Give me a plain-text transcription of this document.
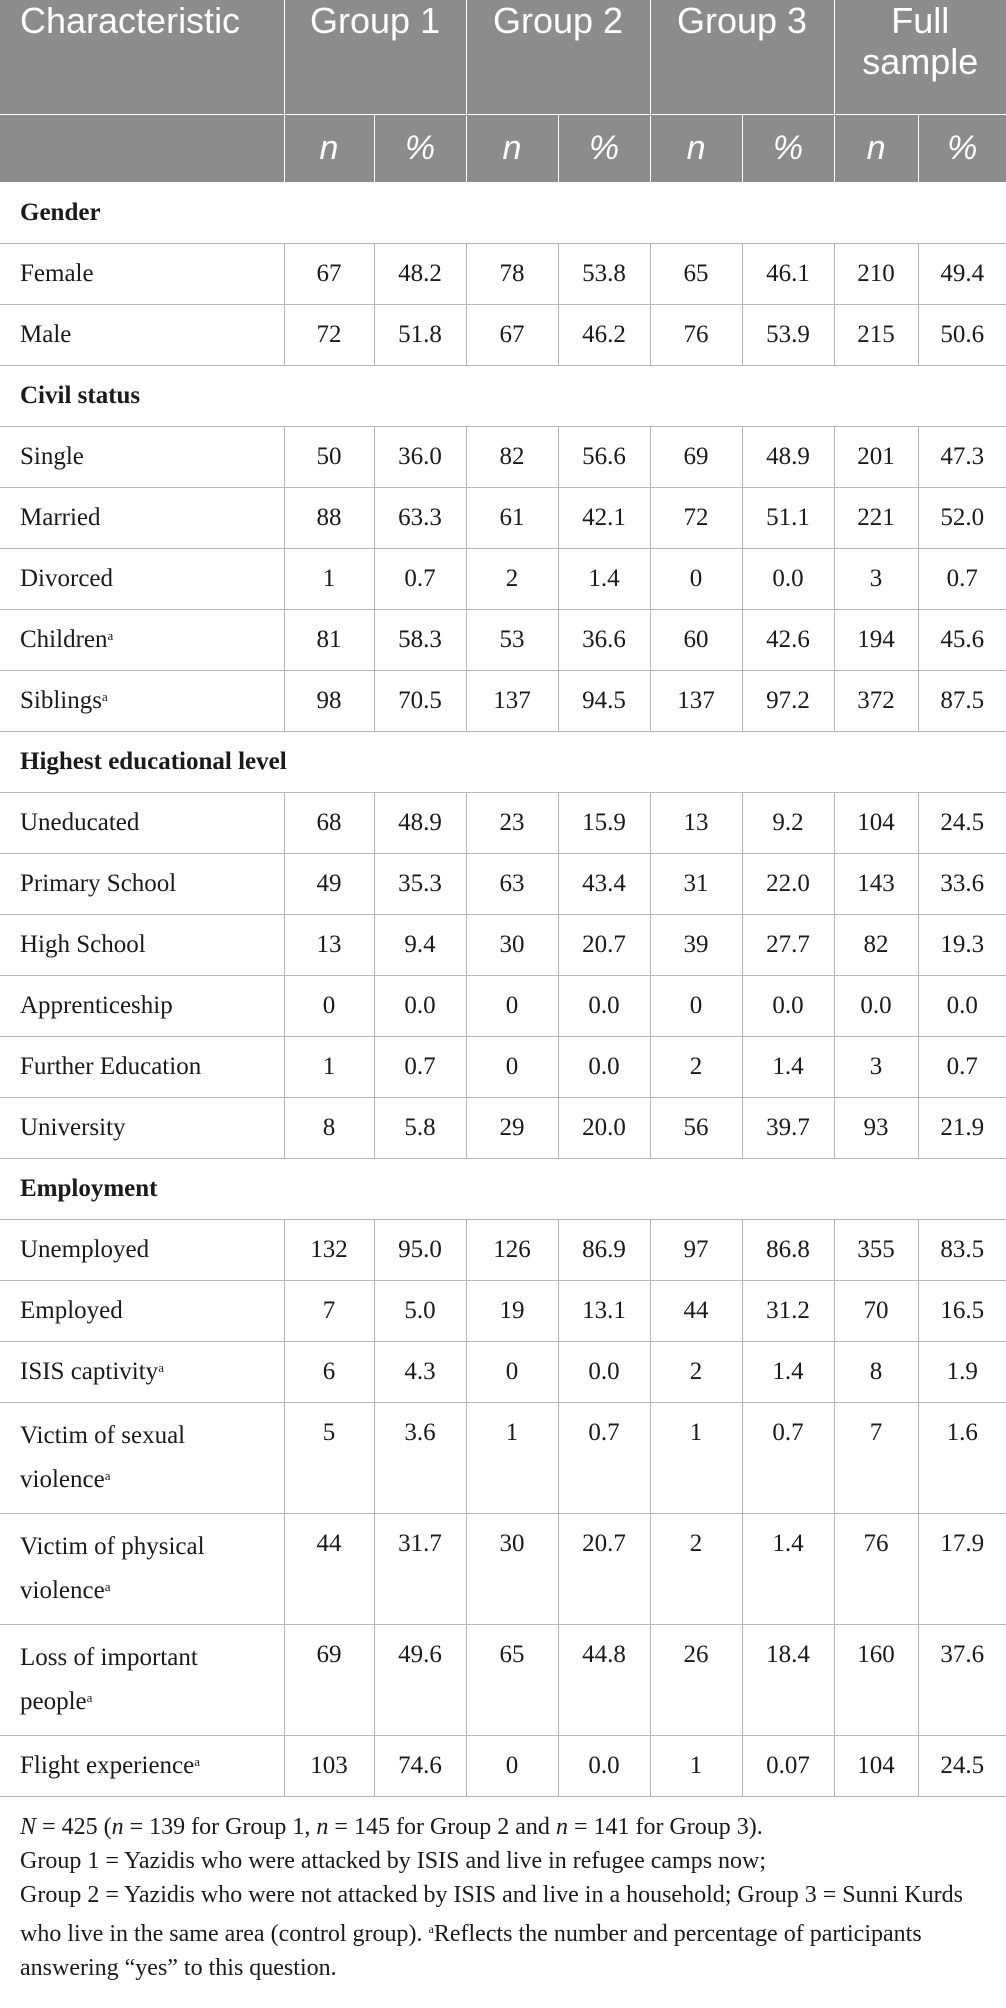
Characteristic	Group 1		Group 2		Group 3		Full sample	
	n	%	n	%	n	%	n	%
Gender								
Female	67	48.2	78	53.8	65	46.1	210	49.4
Male	72	51.8	67	46.2	76	53.9	215	50.6
Civil status								
Single	50	36.0	82	56.6	69	48.9	201	47.3
Married	88	63.3	61	42.1	72	51.1	221	52.0
Divorced	1	0.7	2	1.4	0	0.0	3	0.7
Children$^a$	81	58.3	53	36.6	60	42.6	194	45.6
Siblings$^a$	98	70.5	137	94.5	137	97.2	372	87.5
Highest educational level								
Uneducated	68	48.9	23	15.9	13	9.2	104	24.5
Primary School	49	35.3	63	43.4	31	22.0	143	33.6
High School	13	9.4	30	20.7	39	27.7	82	19.3
Apprenticeship	0	0.0	0	0.0	0	0.0	0.0	0.0
Further Education	1	0.7	0	0.0	2	1.4	3	0.7
University	8	5.8	29	20.0	56	39.7	93	21.9
Employment								
Unemployed	132	95.0	126	86.9	97	86.8	355	83.5
Employed	7	5.0	19	13.1	44	31.2	70	16.5
ISIS captivity$^a$	6	4.3	0	0.0	2	1.4	8	1.9
Victim of sexual
violence$^a$	5	3.6	1	0.7	1	0.7	7	1.6
Victim of physical
violence$^a$	44	31.7	30	20.7	2	1.4	76	17.9
Loss of important
people$^a$	69	49.6	65	44.8	26	18.4	160	37.6
Flight experience$^a$	103	74.6	0	0.0	1	0.07	104	24.5

N = 425 (n = 139 for Group 1, n = 145 for Group 2 and n = 141 for Group 3).

Group 1 = Yazidis who were attacked by ISIS and live in refugee camps now;

Group 2 = Yazidis who were not attacked by ISIS and live in a household; Group 3 = Sunni Kurds who live in the same area (control group). $^a$Reflects the number and percentage of participants answering “yes” to this question.
